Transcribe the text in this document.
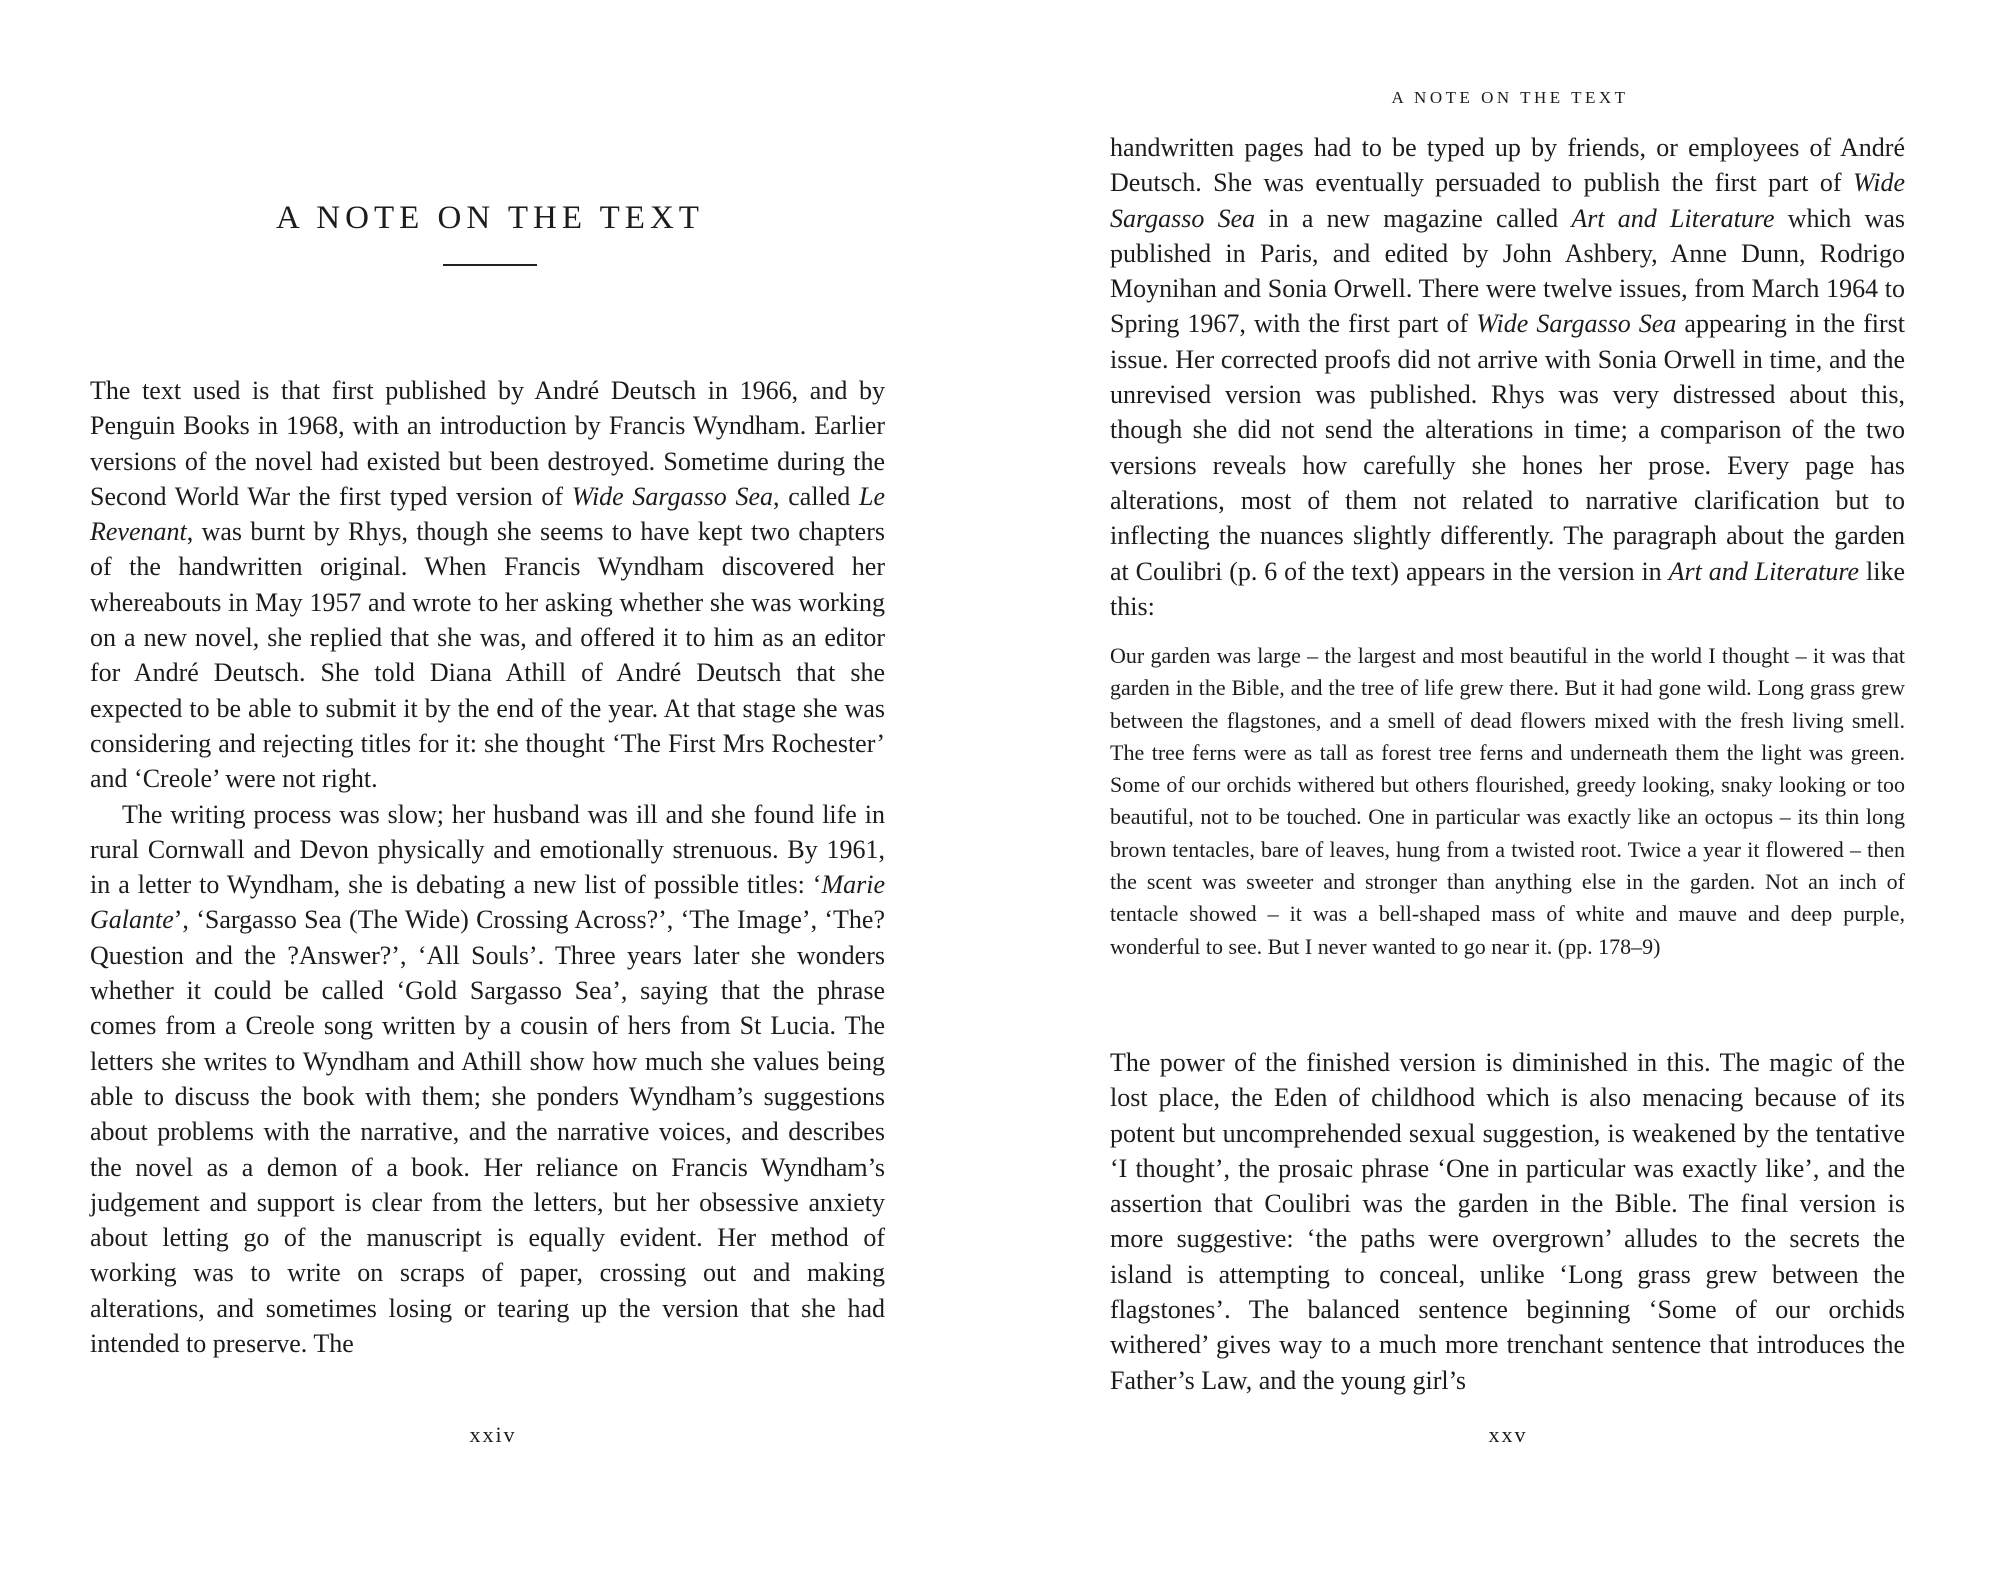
A NOTE ON THE TEXT

The text used is that first published by André Deutsch in 1966, and by Penguin Books in 1968, with an introduction by Francis Wyndham. Earlier versions of the novel had existed but been destroyed. Sometime during the Second World War the first typed version of Wide Sargasso Sea, called Le Revenant, was burnt by Rhys, though she seems to have kept two chapters of the handwritten original. When Francis Wyndham discovered her whereabouts in May 1957 and wrote to her asking whether she was working on a new novel, she replied that she was, and offered it to him as an editor for André Deutsch. She told Diana Athill of André Deutsch that she expected to be able to submit it by the end of the year. At that stage she was considering and rejecting titles for it: she thought ‘The First Mrs Rochester’ and ‘Creole’ were not right.

The writing process was slow; her husband was ill and she found life in rural Cornwall and Devon physically and emotionally strenuous. By 1961, in a letter to Wyndham, she is debating a new list of possible titles: ‘Marie Galante’, ‘Sargasso Sea (The Wide) Crossing Across?’, ‘The Image’, ‘The? Question and the ?Answer?’, ‘All Souls’. Three years later she wonders whether it could be called ‘Gold Sargasso Sea’, saying that the phrase comes from a Creole song written by a cousin of hers from St Lucia. The letters she writes to Wyndham and Athill show how much she values being able to discuss the book with them; she ponders Wyndham’s suggestions about problems with the narrative, and the narrative voices, and describes the novel as a demon of a book. Her reliance on Francis Wyndham’s judgement and support is clear from the letters, but her obsessive anxiety about letting go of the manuscript is equally evident. Her method of working was to write on scraps of paper, crossing out and making alterations, and sometimes losing or tearing up the version that she had intended to preserve. The

xxiv
A NOTE ON THE TEXT

handwritten pages had to be typed up by friends, or employees of André Deutsch. She was eventually persuaded to publish the first part of Wide Sargasso Sea in a new magazine called Art and Literature which was published in Paris, and edited by John Ashbery, Anne Dunn, Rodrigo Moynihan and Sonia Orwell. There were twelve issues, from March 1964 to Spring 1967, with the first part of Wide Sargasso Sea appearing in the first issue. Her corrected proofs did not arrive with Sonia Orwell in time, and the unrevised version was published. Rhys was very distressed about this, though she did not send the alterations in time; a comparison of the two versions reveals how carefully she hones her prose. Every page has alterations, most of them not related to narrative clarification but to inflecting the nuances slightly differently. The paragraph about the garden at Coulibri (p. 6 of the text) appears in the version in Art and Literature like this:

Our garden was large – the largest and most beautiful in the world I thought – it was that garden in the Bible, and the tree of life grew there. But it had gone wild. Long grass grew between the flagstones, and a smell of dead flowers mixed with the fresh living smell. The tree ferns were as tall as forest tree ferns and underneath them the light was green. Some of our orchids withered but others flourished, greedy looking, snaky looking or too beautiful, not to be touched. One in particular was exactly like an octopus – its thin long brown tentacles, bare of leaves, hung from a twisted root. Twice a year it flowered – then the scent was sweeter and stronger than anything else in the garden. Not an inch of tentacle showed – it was a bell-shaped mass of white and mauve and deep purple, wonderful to see. But I never wanted to go near it. (pp. 178–9)

The power of the finished version is diminished in this. The magic of the lost place, the Eden of childhood which is also menacing because of its potent but uncomprehended sexual suggestion, is weakened by the tentative ‘I thought’, the prosaic phrase ‘One in particular was exactly like’, and the assertion that Coulibri was the garden in the Bible. The final version is more suggestive: ‘the paths were overgrown’ alludes to the secrets the island is attempting to conceal, unlike ‘Long grass grew between the flagstones’. The balanced sentence beginning ‘Some of our orchids withered’ gives way to a much more trenchant sentence that introduces the Father’s Law, and the young girl’s

xxv
